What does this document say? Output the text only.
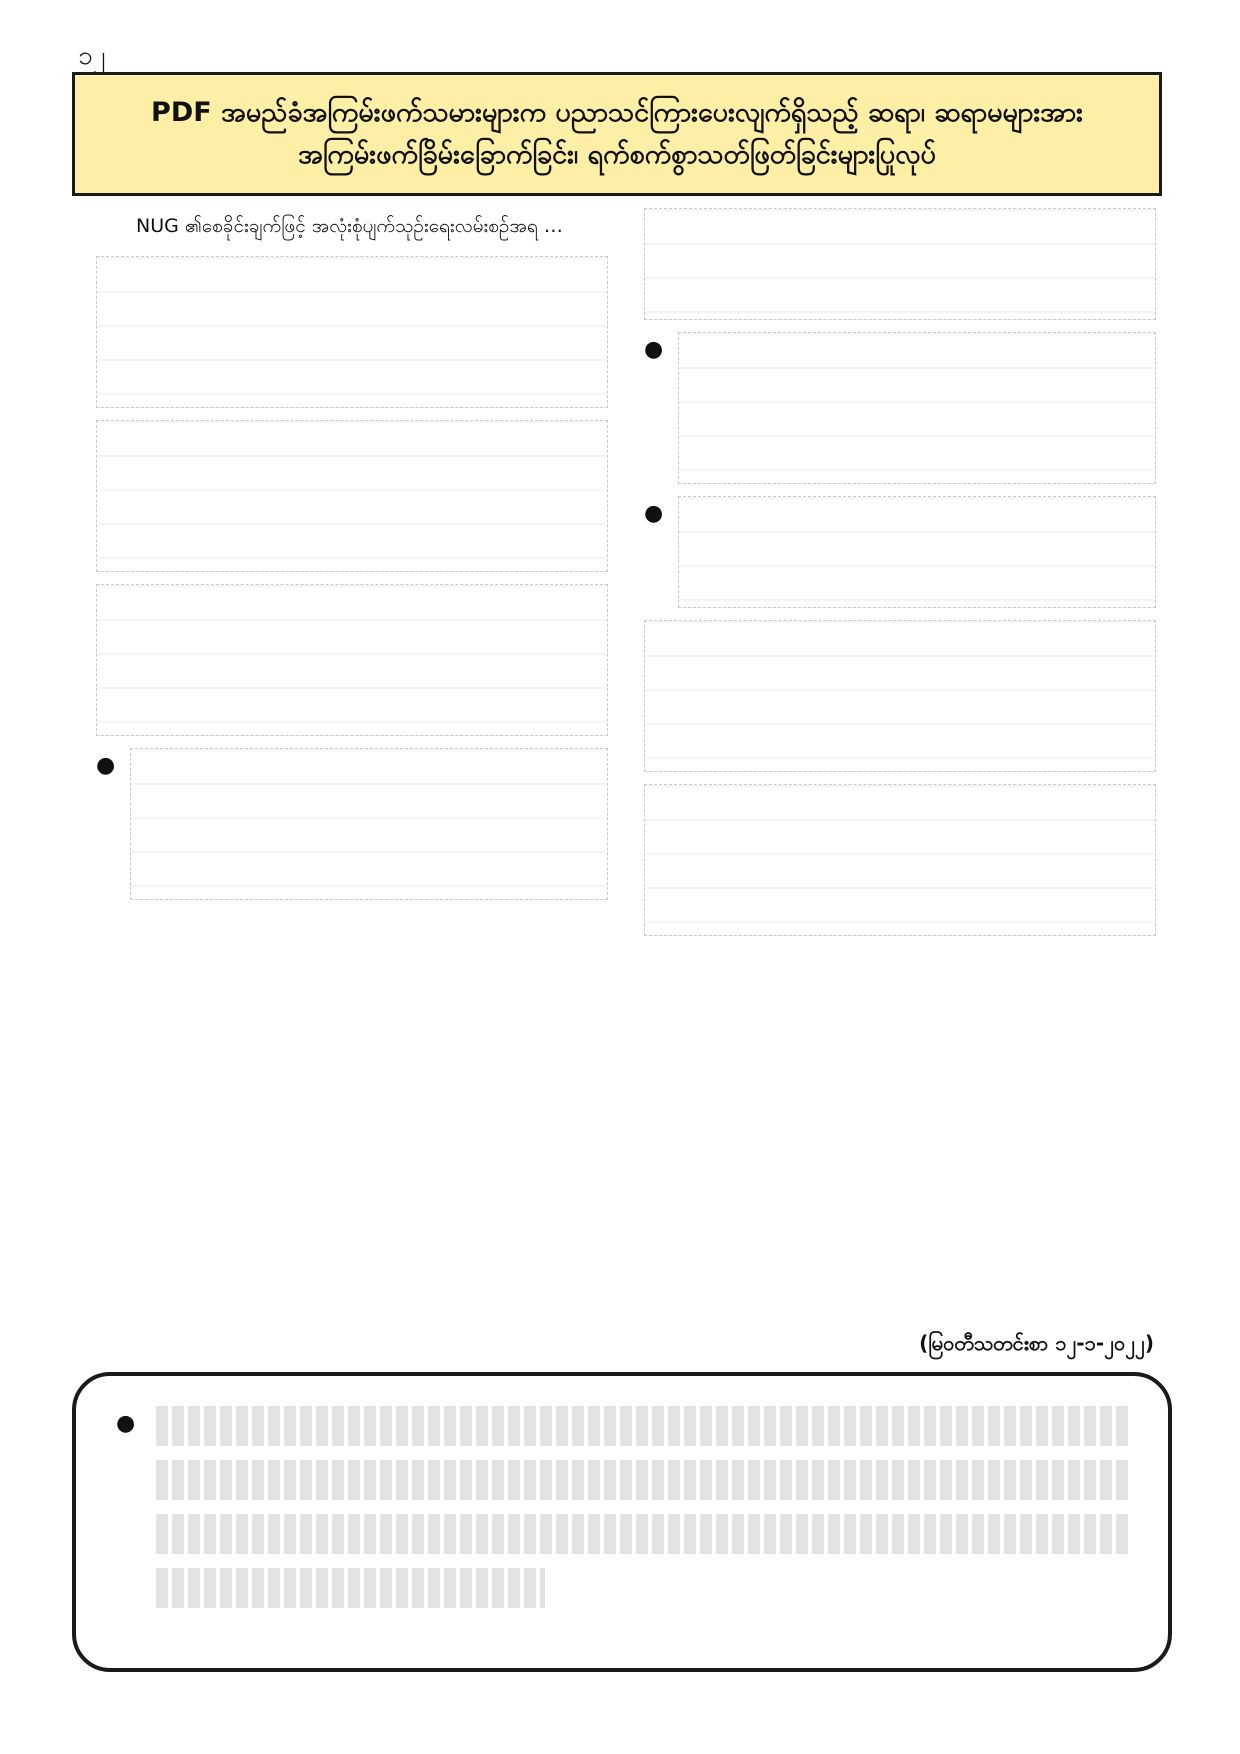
၁၂
PDF အမည်ခံအကြမ်းဖက်သမားများက ပညာသင်ကြားပေးလျက်ရှိသည့် ဆရာ၊ ဆရာမများအား
အကြမ်းဖက်ခြိမ်းခြောက်ခြင်း၊ ရက်စက်စွာသတ်ဖြတ်ခြင်းများပြုလုပ်

NUG ၏စေခိုင်းချက်ဖြင့် အလုံးစုံပျက်သုဉ်းရေးလမ်းစဉ်အရ …

●
●
●
(မြဝတီသတင်းစာ ၁၂-၁-၂၀၂၂)
●
